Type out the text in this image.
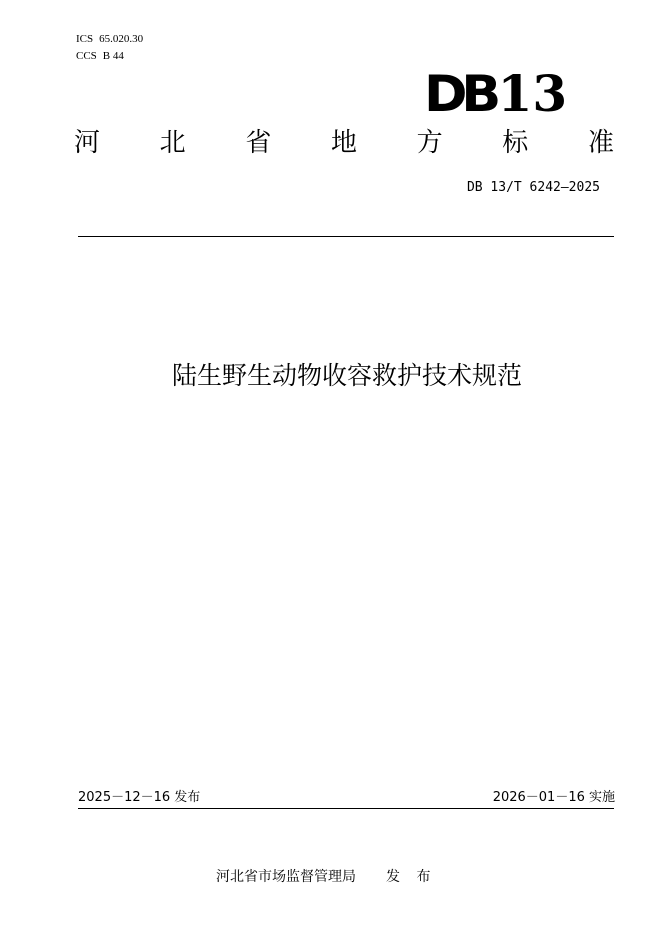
ICS 65.020.30
CCS B 44
DB 13
河 北 省 地 方 标 准
DB 13/T 6242—2025
陆生野生动物收容救护技术规范
2025－12－16 发布	2026－01－16 实施
河北省市场监督管理局 发 布
